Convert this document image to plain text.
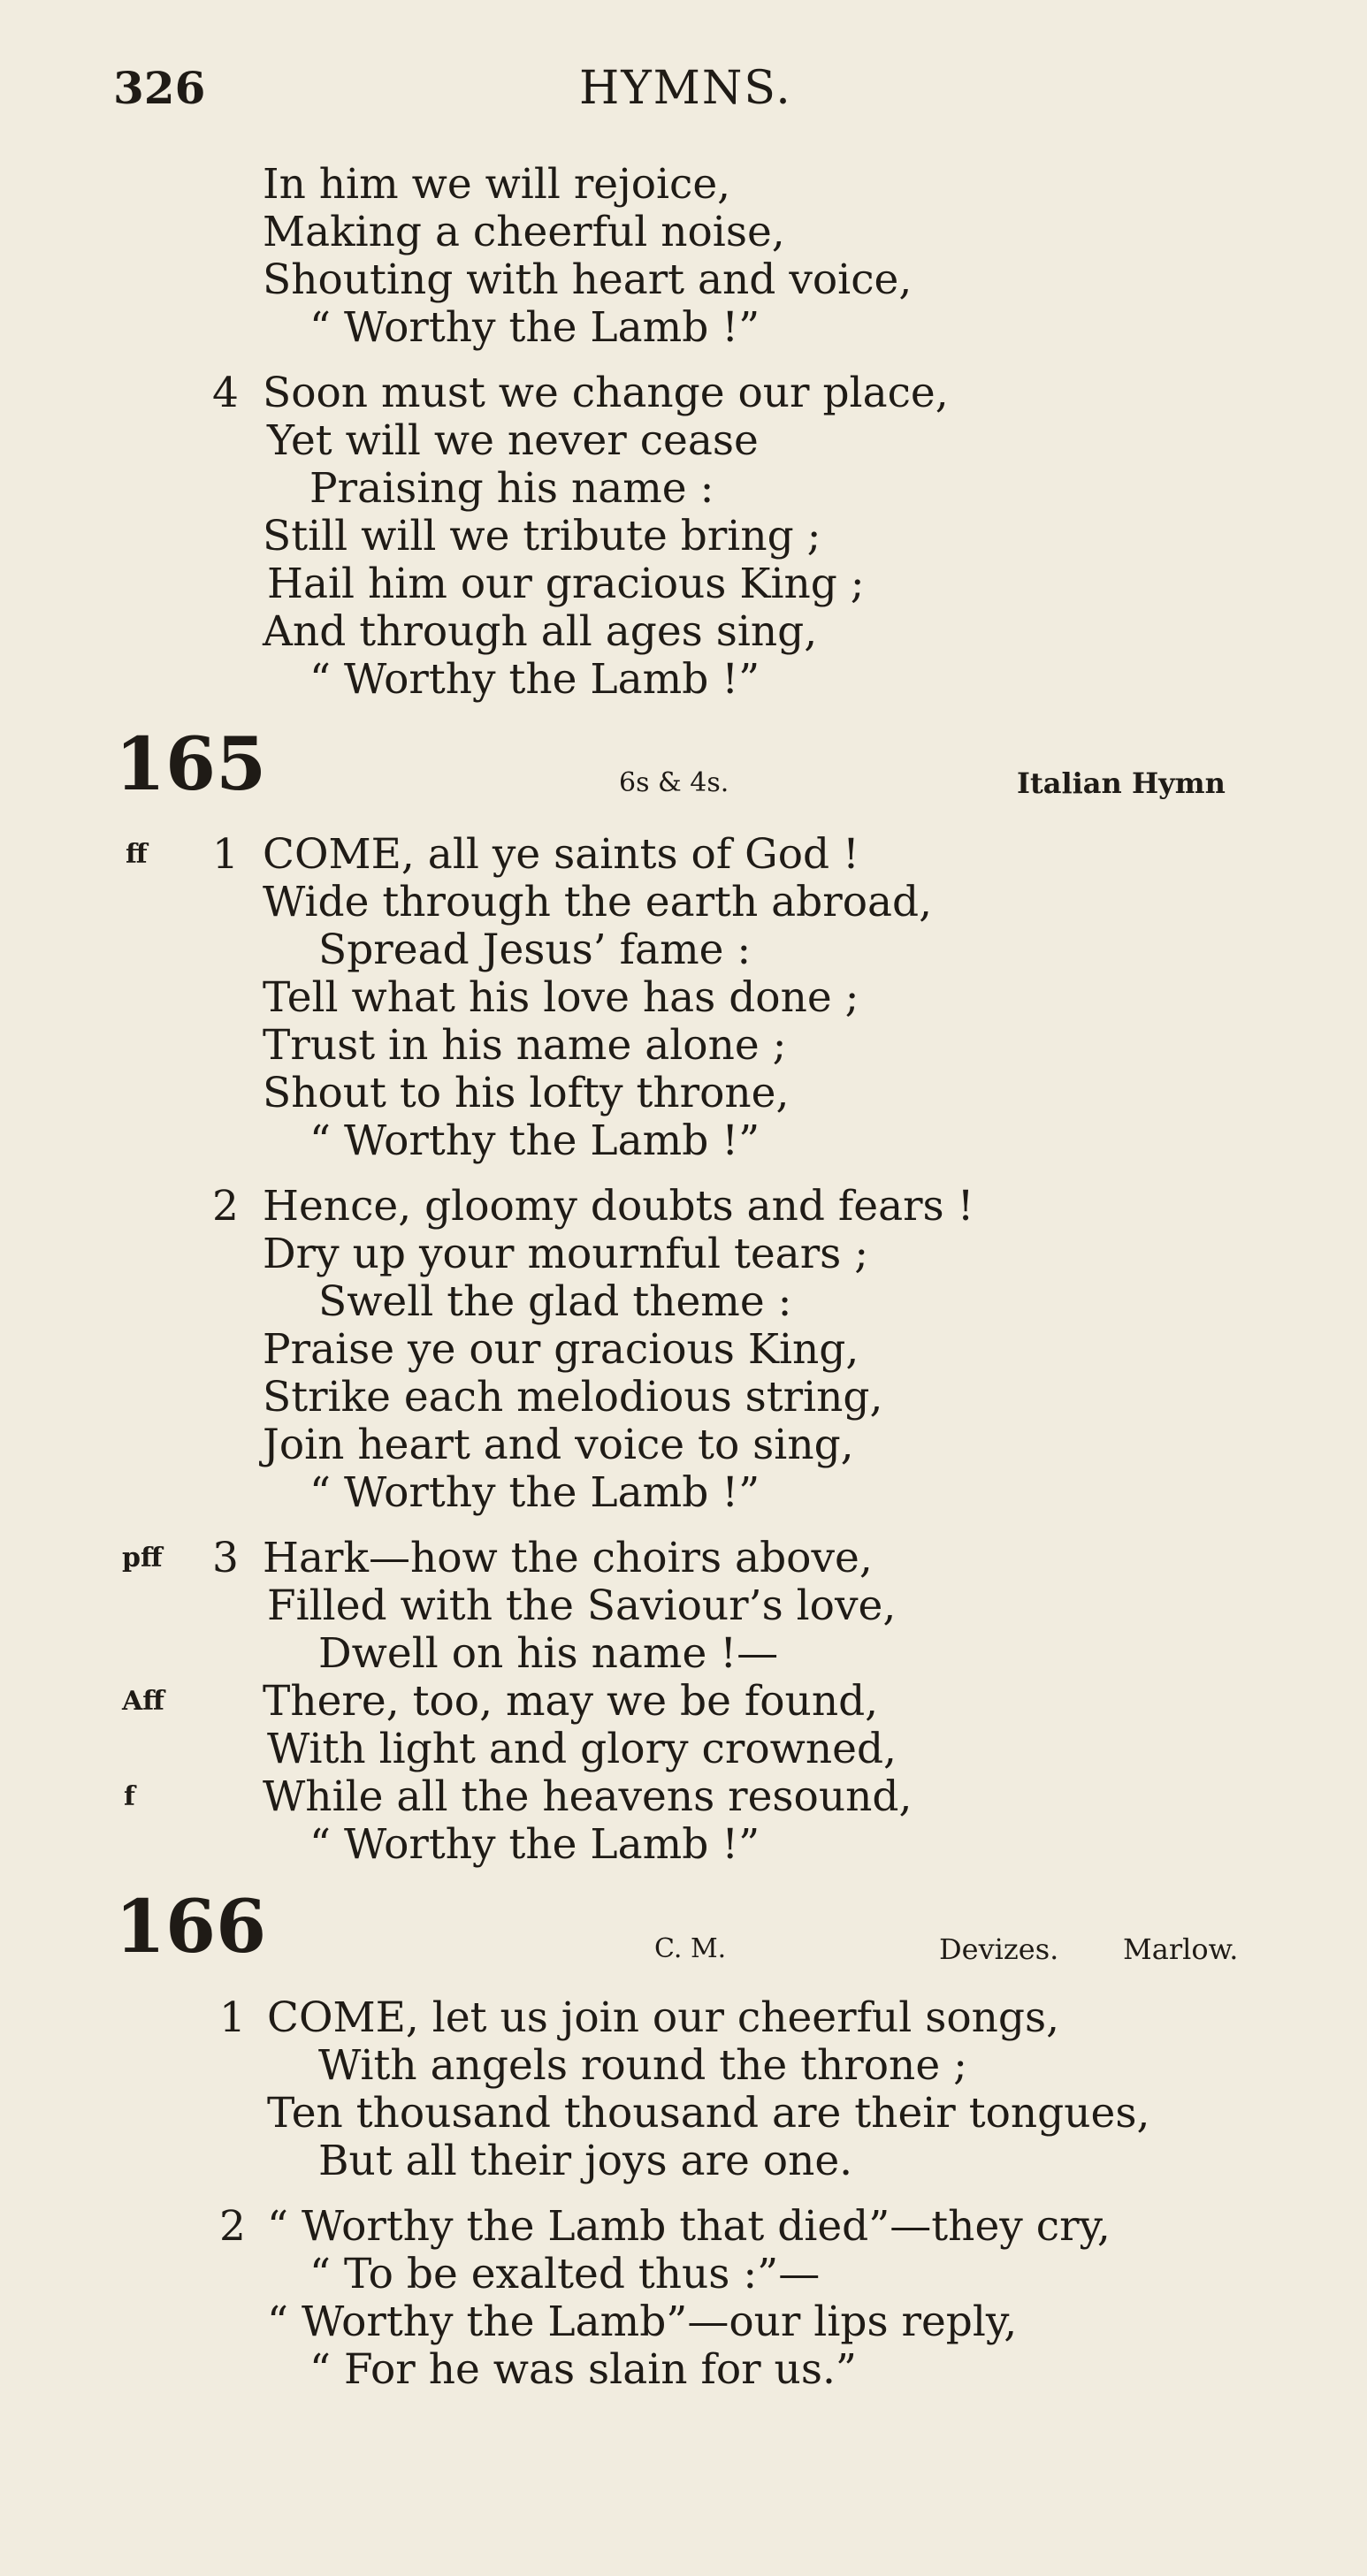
326	HYMNS.
In him we will rejoice,
Making a cheerful noise,
Shouting with heart and voice,
“ Worthy the Lamb !”
4 Soon must we change our place,
Yet will we never cease
Praising his name :
Still will we tribute bring ;
Hail him our gracious King ;
And through all ages sing,
“ Worthy the Lamb !”
165	6s & 4s.	Italian Hymn
ff 1 COME, all ye saints of God !
Wide through the earth abroad,
Spread Jesus’ fame :
Tell what his love has done ;
Trust in his name alone ;
Shout to his lofty throne,
“ Worthy the Lamb !”
2 Hence, gloomy doubts and fears !
Dry up your mournful tears ;
Swell the glad theme :
Praise ye our gracious King,
Strike each melodious string,
Join heart and voice to sing,
“ Worthy the Lamb !”
pff 3 Hark—how the choirs above,
Filled with the Saviour’s love,
Dwell on his name !—
Aff There, too, may we be found,
With light and glory crowned,
f	While all the heavens resound,
“ Worthy the Lamb !”
166	C. M.	Devizes. Marlow.
1 COME, let us join our cheerful songs,
With angels round the throne ;
Ten thousand thousand are their tongues,
But all their joys are one.
2 “ Worthy the Lamb that died”—they cry,
“ To be exalted thus :”—
“ Worthy the Lamb”—our lips reply,
“ For he was slain for us.”
